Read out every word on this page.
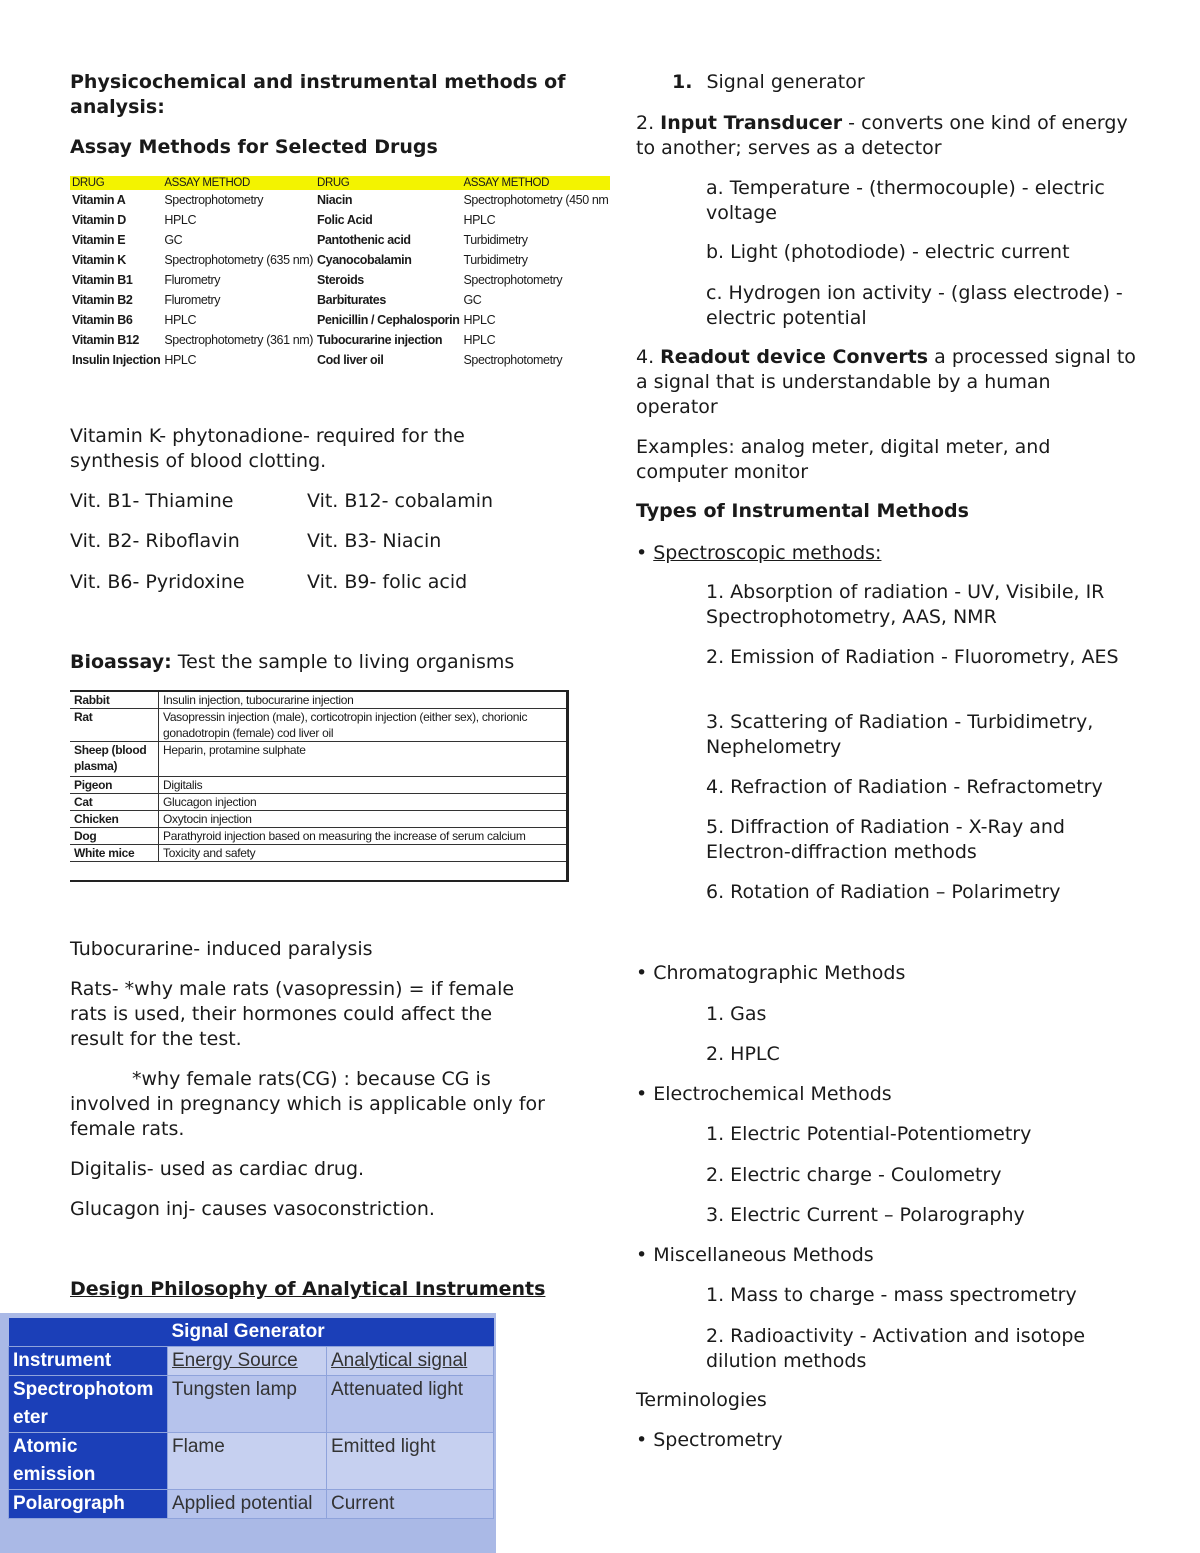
Physicochemical and instrumental methods of analysis:
Assay Methods for Selected Drugs
DRUG	ASSAY METHOD	DRUG	ASSAY METHOD
Vitamin A	Spectrophotometry	Niacin	Spectrophotometry (450 nm
Vitamin D	HPLC	Folic Acid	HPLC
Vitamin E	GC	Pantothenic acid	Turbidimetry
Vitamin K	Spectrophotometry (635 nm)	Cyanocobalamin	Turbidimetry
Vitamin B1	Flurometry	Steroids	Spectrophotometry
Vitamin B2	Flurometry	Barbiturates	GC
Vitamin B6	HPLC	Penicillin / Cephalosporin	HPLC
Vitamin B12	Spectrophotometry (361 nm)	Tubocurarine injection	HPLC
Insulin Injection	HPLC	Cod liver oil	Spectrophotometry
Vitamin K- phytonadione- required for the synthesis of blood clotting.
Vit. B1- Thiamine	Vit. B12- cobalamin
Vit. B2- Riboflavin	Vit. B3- Niacin
Vit. B6- Pyridoxine	Vit. B9- folic acid
Bioassay: Test the sample to living organisms
Rabbit	Insulin injection, tubocurarine injection
Rat	Vasopressin injection (male), corticotropin injection (either sex), chorionic gonadotropin (female) cod liver oil
Sheep (blood plasma)	Heparin, protamine sulphate
Pigeon	Digitalis
Cat	Glucagon injection
Chicken	Oxytocin injection
Dog	Parathyroid injection based on measuring the increase of serum calcium
White mice	Toxicity and safety
Tubocurarine- induced paralysis
Rats- *why male rats (vasopressin) = if female rats is used, their hormones could affect the result for the test.
*why female rats(CG) : because CG is involved in pregnancy which is applicable only for female rats.
Digitalis- used as cardiac drug.
Glucagon inj- causes vasoconstriction.
Design Philosophy of Analytical Instruments
	Signal Generator	
Instrument	Energy Source	Analytical signal
Spectrophotom eter	Tungsten lamp	Attenuated light
Atomic emission	Flame	Emitted light
Polarograph	Applied potential	Current
1. Signal generator
2. Input Transducer - converts one kind of energy to another; serves as a detector
a. Temperature - (thermocouple) - electric voltage
b. Light (photodiode) - electric current
c. Hydrogen ion activity - (glass electrode) - electric potential
4. Readout device Converts a processed signal to a signal that is understandable by a human operator
Examples: analog meter, digital meter, and computer monitor
Types of Instrumental Methods
• Spectroscopic methods:
1. Absorption of radiation - UV, Visibile, IR Spectrophotometry, AAS, NMR
2. Emission of Radiation - Fluorometry, AES
3. Scattering of Radiation - Turbidimetry, Nephelometry
4. Refraction of Radiation - Refractometry
5. Diffraction of Radiation - X-Ray and Electron-diffraction methods
6. Rotation of Radiation – Polarimetry
• Chromatographic Methods
1. Gas
2. HPLC
• Electrochemical Methods
1. Electric Potential-Potentiometry
2. Electric charge - Coulometry
3. Electric Current – Polarography
• Miscellaneous Methods
1. Mass to charge - mass spectrometry
2. Radioactivity - Activation and isotope dilution methods
Terminologies
• Spectrometry
